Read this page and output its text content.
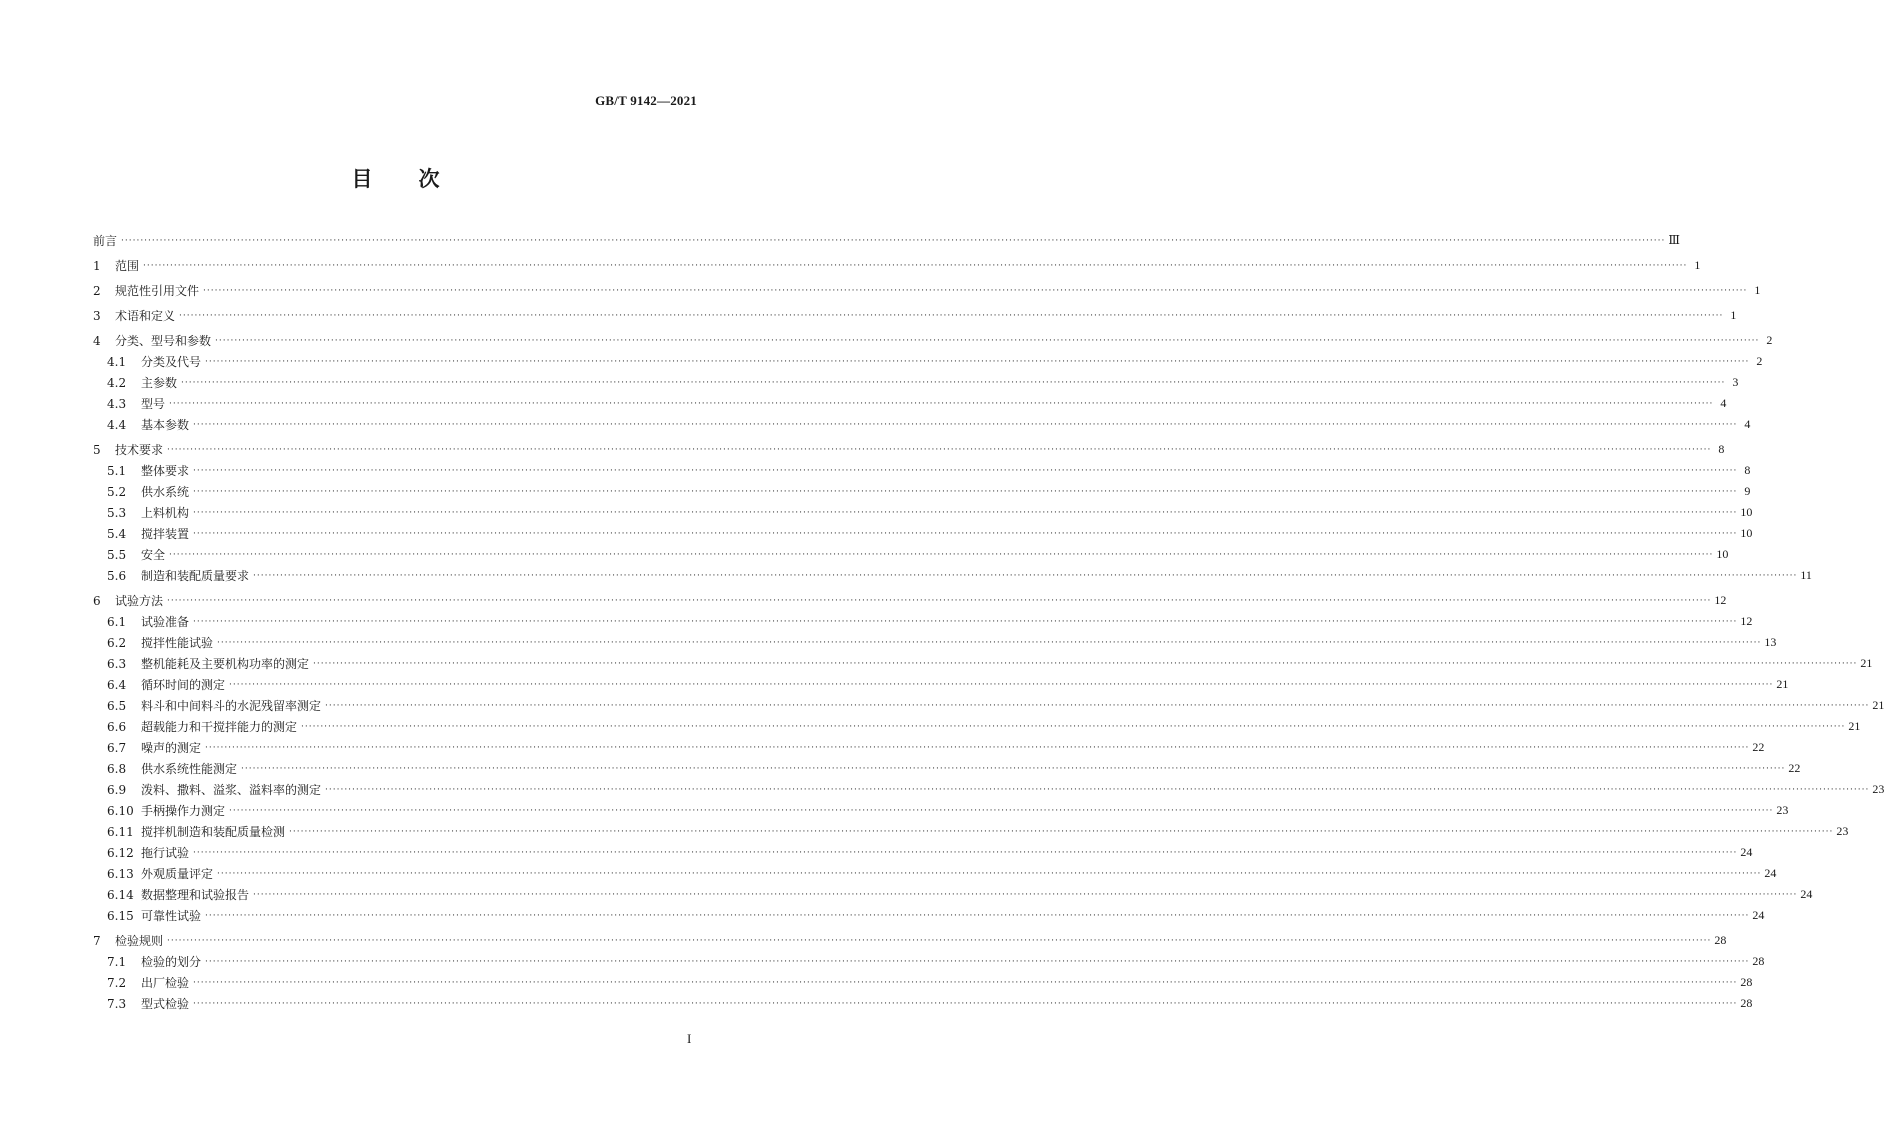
GB/T 9142—2021
目 次
前言 ················································································································································································································································································································································································································ Ⅲ
1	范围 ················································································································································································································································································································································································································ 1
2	规范性引用文件 ················································································································································································································································································································································································································ 1
3	术语和定义 ················································································································································································································································································································································································································ 1
4	分类、型号和参数 ················································································································································································································································································································································································································ 2
4.1	分类及代号 ················································································································································································································································································································································································································ 2
4.2	主参数 ················································································································································································································································································································································································································ 3
4.3	型号 ················································································································································································································································································································································································································ 4
4.4	基本参数 ················································································································································································································································································································································································································ 4
5	技术要求 ················································································································································································································································································································································································································ 8
5.1	整体要求 ················································································································································································································································································································································································································ 8
5.2	供水系统 ················································································································································································································································································································································································································ 9
5.3	上料机构 ················································································································································································································································································································································································································ 10
5.4	搅拌装置 ················································································································································································································································································································································································································ 10
5.5	安全 ················································································································································································································································································································································································································ 10
5.6	制造和装配质量要求 ················································································································································································································································································································································································································ 11
6	试验方法 ················································································································································································································································································································································································································ 12
6.1	试验准备 ················································································································································································································································································································································································································ 12
6.2	搅拌性能试验 ················································································································································································································································································································································································································ 13
6.3	整机能耗及主要机构功率的测定 ················································································································································································································································································································································································································ 21
6.4	循环时间的测定 ················································································································································································································································································································································································································ 21
6.5	料斗和中间料斗的水泥残留率测定 ················································································································································································································································································································································································································ 21
6.6	超载能力和干搅拌能力的测定 ················································································································································································································································································································································································································ 21
6.7	噪声的测定 ················································································································································································································································································································································································································ 22
6.8	供水系统性能测定 ················································································································································································································································································································································································································ 22
6.9	泼料、撒料、溢浆、溢料率的测定 ················································································································································································································································································································································································································ 23
6.10 手柄操作力测定 ················································································································································································································································································································································································································ 23
6.11 搅拌机制造和装配质量检测 ················································································································································································································································································································································································································ 23
6.12 拖行试验 ················································································································································································································································································································································································································ 24
6.13 外观质量评定 ················································································································································································································································································································································································································ 24
6.14 数据整理和试验报告 ················································································································································································································································································································································································································ 24
6.15 可靠性试验 ················································································································································································································································································································································································································ 24
7	检验规则 ················································································································································································································································································································································································································ 28
7.1	检验的划分 ················································································································································································································································································································································································································ 28
7.2	出厂检验 ················································································································································································································································································································································································································ 28
7.3	型式检验 ················································································································································································································································································································································································································ 28
I
